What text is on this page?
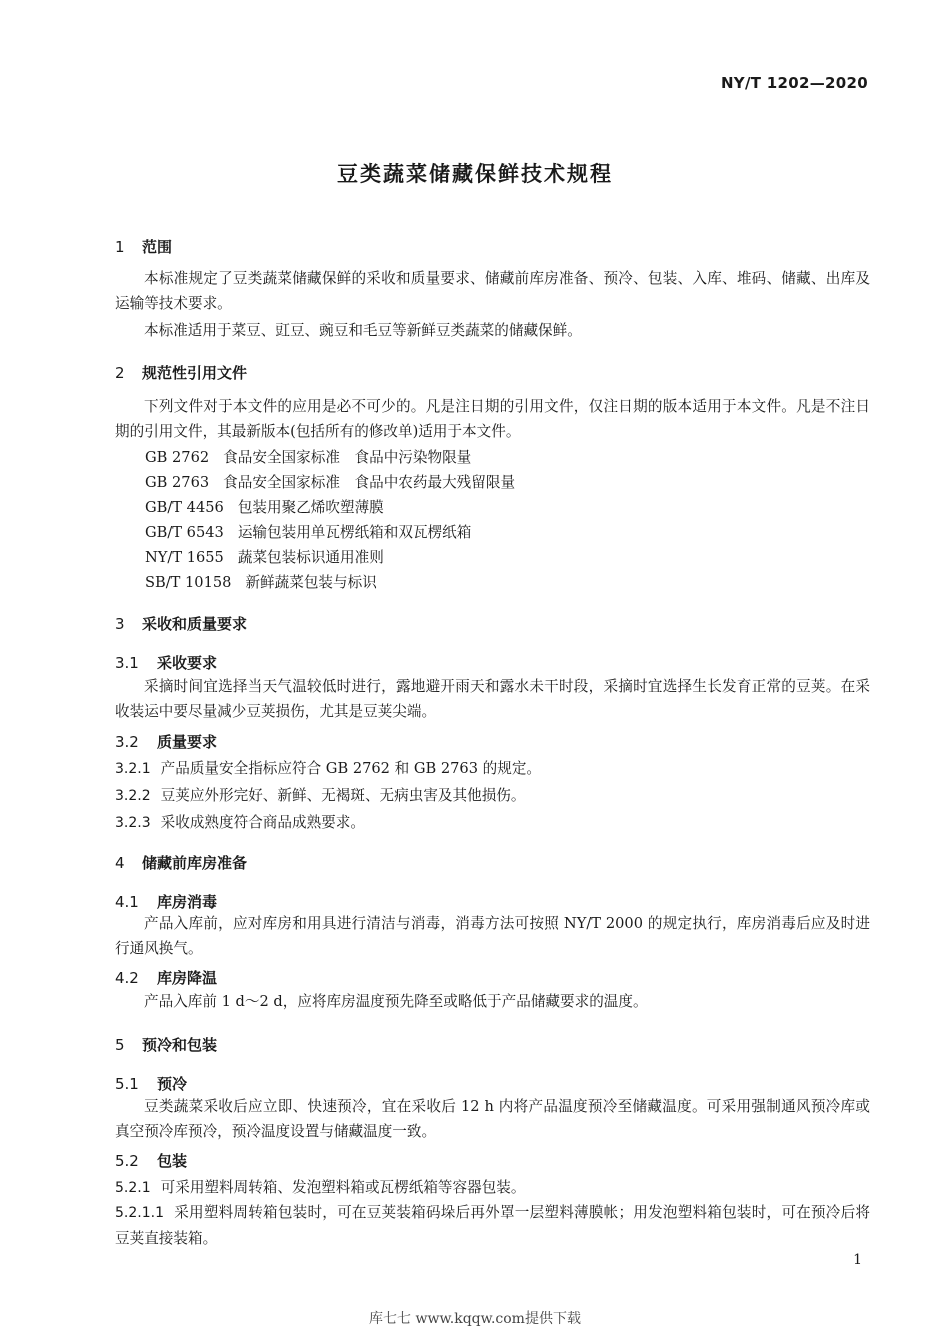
NY/T 1202—2020
豆类蔬菜储藏保鲜技术规程
1 范围
本标准规定了豆类蔬菜储藏保鲜的采收和质量要求、储藏前库房准备、预冷、包装、入库、堆码、储藏、出库及运输等技术要求。
本标准适用于菜豆、豇豆、豌豆和毛豆等新鲜豆类蔬菜的储藏保鲜。
2 规范性引用文件
下列文件对于本文件的应用是必不可少的。凡是注日期的引用文件，仅注日期的版本适用于本文件。凡是不注日期的引用文件，其最新版本(包括所有的修改单)适用于本文件。
GB 2762 食品安全国家标准　食品中污染物限量
GB 2763 食品安全国家标准　食品中农药最大残留限量
GB/T 4456 包装用聚乙烯吹塑薄膜
GB/T 6543 运输包装用单瓦楞纸箱和双瓦楞纸箱
NY/T 1655 蔬菜包装标识通用准则
SB/T 10158 新鲜蔬菜包装与标识
3 采收和质量要求
3.1 采收要求
采摘时间宜选择当天气温较低时进行，露地避开雨天和露水未干时段，采摘时宜选择生长发育正常的豆荚。在采收装运中要尽量减少豆荚损伤，尤其是豆荚尖端。
3.2 质量要求
3.2.1 产品质量安全指标应符合 GB 2762 和 GB 2763 的规定。
3.2.2 豆荚应外形完好、新鲜、无褐斑、无病虫害及其他损伤。
3.2.3 采收成熟度符合商品成熟要求。
4 储藏前库房准备
4.1 库房消毒
产品入库前，应对库房和用具进行清洁与消毒，消毒方法可按照 NY/T 2000 的规定执行，库房消毒后应及时进行通风换气。
4.2 库房降温
产品入库前 1 d～2 d，应将库房温度预先降至或略低于产品储藏要求的温度。
5 预冷和包装
5.1 预冷
豆类蔬菜采收后应立即、快速预冷，宜在采收后 12 h 内将产品温度预冷至储藏温度。可采用强制通风预冷库或真空预冷库预冷，预冷温度设置与储藏温度一致。
5.2 包装
5.2.1 可采用塑料周转箱、发泡塑料箱或瓦楞纸箱等容器包装。
5.2.1.1 采用塑料周转箱包装时，可在豆荚装箱码垛后再外罩一层塑料薄膜帐；用发泡塑料箱包装时，可在预冷后将豆荚直接装箱。
1
库七七 www.kqqw.com提供下载
